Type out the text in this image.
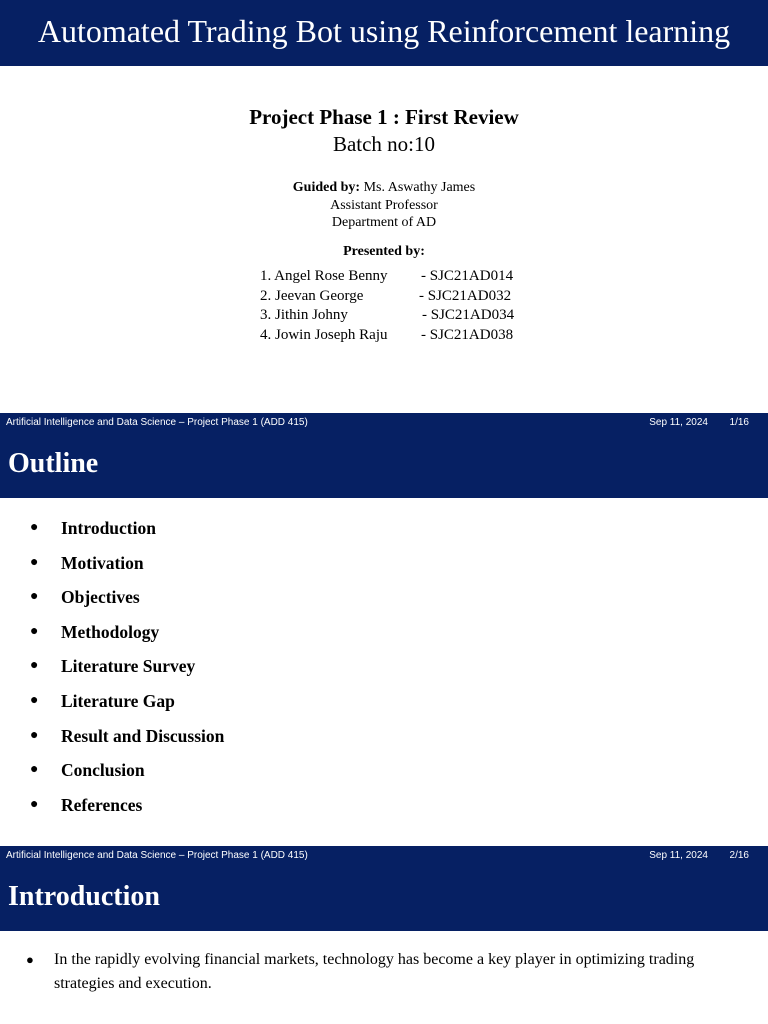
Automated Trading Bot using Reinforcement learning
Project Phase 1 : First Review
Batch no:10
Guided by: Ms. Aswathy James
Assistant Professor
Department of AD
Presented by:
1. Angel Rose Benny - SJC21AD014
2. Jeevan George	- SJC21AD032
3. Jithin Johny	- SJC21AD034
4. Jowin Joseph Raju - SJC21AD038
Artificial Intelligence and Data Science – Project Phase 1 (ADD 415)	Sep 11, 2024 1/16
Outline
● Introduction
● Motivation
● Objectives
● Methodology
● Literature Survey
● Literature Gap
● Result and Discussion
● Conclusion
● References
Artificial Intelligence and Data Science – Project Phase 1 (ADD 415)	Sep 11, 2024 2/16
Introduction
● In the rapidly evolving financial markets, technology has become a key player in optimizing trading strategies and execution.
